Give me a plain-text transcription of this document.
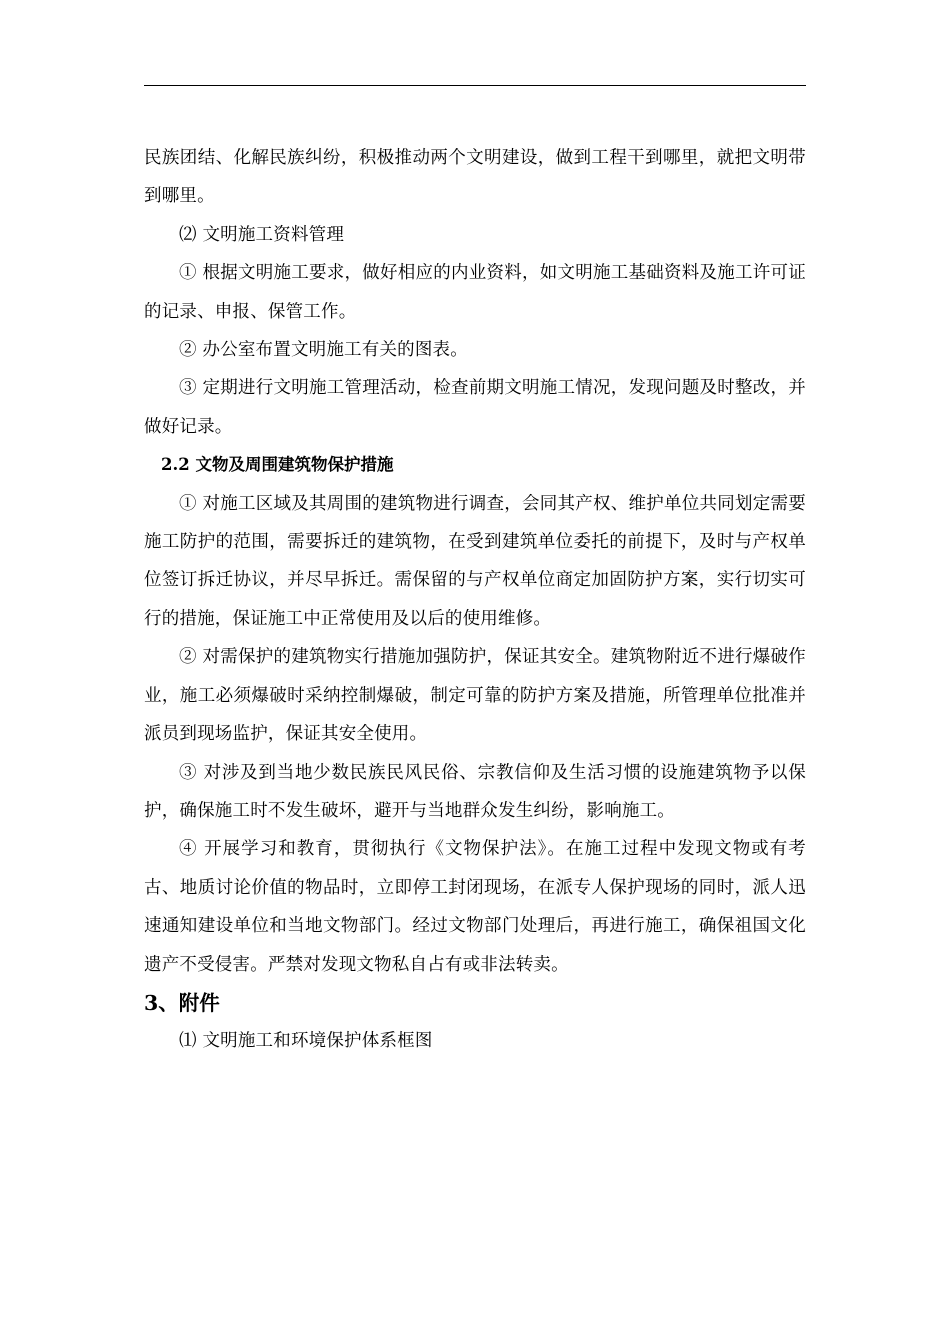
民族团结、化解民族纠纷，积极推动两个文明建设，做到工程干到哪里，就把文明带到哪里。

⑵ 文明施工资料管理

① 根据文明施工要求，做好相应的内业资料，如文明施工基础资料及施工许可证的记录、申报、保管工作。

② 办公室布置文明施工有关的图表。

③ 定期进行文明施工管理活动，检查前期文明施工情况，发现问题及时整改，并做好记录。

2.2 文物及周围建筑物保护措施

① 对施工区域及其周围的建筑物进行调查，会同其产权、维护单位共同划定需要施工防护的范围，需要拆迁的建筑物，在受到建筑单位委托的前提下，及时与产权单位签订拆迁协议，并尽早拆迁。需保留的与产权单位商定加固防护方案，实行切实可行的措施，保证施工中正常使用及以后的使用维修。

② 对需保护的建筑物实行措施加强防护，保证其安全。建筑物附近不进行爆破作业，施工必须爆破时采纳控制爆破，制定可靠的防护方案及措施，所管理单位批准并派员到现场监护，保证其安全使用。

③ 对涉及到当地少数民族民风民俗、宗教信仰及生活习惯的设施建筑物予以保护，确保施工时不发生破坏，避开与当地群众发生纠纷，影响施工。

④ 开展学习和教育，贯彻执行《文物保护法》。在施工过程中发现文物或有考古、地质讨论价值的物品时，立即停工封闭现场，在派专人保护现场的同时，派人迅速通知建设单位和当地文物部门。经过文物部门处理后，再进行施工，确保祖国文化遗产不受侵害。严禁对发现文物私自占有或非法转卖。

3、附件

⑴ 文明施工和环境保护体系框图
